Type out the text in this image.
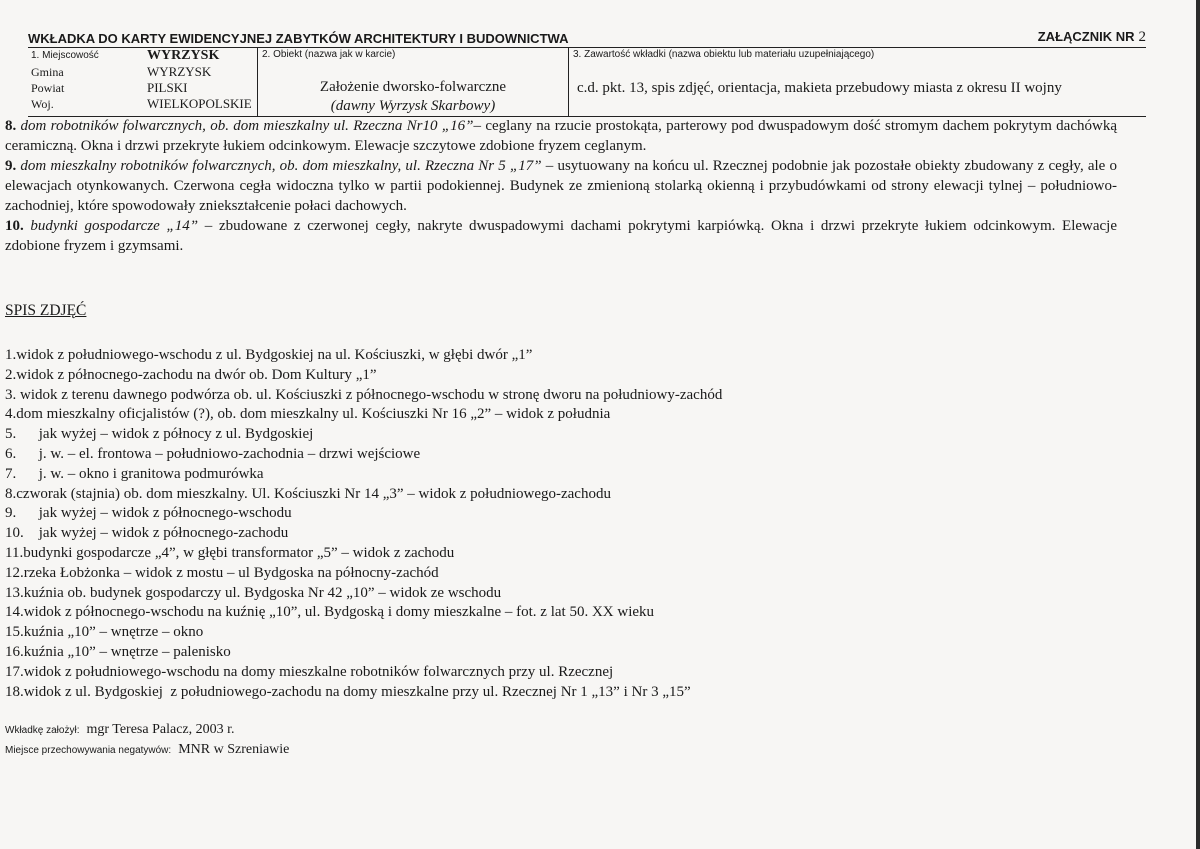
WKŁADKA DO KARTY EWIDENCYJNEJ ZABYTKÓW ARCHITEKTURY I BUDOWNICTWA	ZAŁĄCZNIK NR 2
1. Miejscowość	WYRZYSK
Gmina	WYRZYSK
Powiat	PILSKI
Woj.	WIELKOPOLSKIE

2. Obiekt (nazwa jak w karcie)
Założenie dworsko-folwarczne
(dawny Wyrzysk Skarbowy)

3. Zawartość wkładki (nazwa obiektu lub materiału uzupełniającego)
c.d. pkt. 13, spis zdjęć, orientacja, makieta przebudowy miasta z okresu II wojny

8. dom robotników folwarcznych, ob. dom mieszkalny ul. Rzeczna Nr10 „16”– ceglany na rzucie prostokąta, parterowy pod dwuspadowym dość stromym dachem pokrytym dachówką ceramiczną. Okna i drzwi przekryte łukiem odcinkowym. Elewacje szczytowe zdobione fryzem ceglanym.

9. dom mieszkalny robotników folwarcznych, ob. dom mieszkalny, ul. Rzeczna Nr 5 „17” – usytuowany na końcu ul. Rzecznej podobnie jak pozostałe obiekty zbudowany z cegły, ale o elewacjach otynkowanych. Czerwona cegła widoczna tylko w partii podokiennej. Budynek ze zmienioną stolarką okienną i przybudówkami od strony elewacji tylnej – południowo-zachodniej, które spowodowały zniekształcenie połaci dachowych.

10. budynki gospodarcze „14” – zbudowane z czerwonej cegły, nakryte dwuspadowymi dachami pokrytymi karpiówką. Okna i drzwi przekryte łukiem odcinkowym. Elewacje zdobione fryzem i gzymsami.

SPIS ZDJĘĆ
1.widok z południowego-wschodu z ul. Bydgoskiej na ul. Kościuszki, w głębi dwór „1”
2.widok z północnego-zachodu na dwór ob. Dom Kultury „1”
3. widok z terenu dawnego podwórza ob. ul. Kościuszki z północnego-wschodu w stronę dworu na południowy-zachód
4.dom mieszkalny oficjalistów (?), ob. dom mieszkalny ul. Kościuszki Nr 16 „2” – widok z południa
5.      jak wyżej – widok z północy z ul. Bydgoskiej
6.      j. w. – el. frontowa – południowo-zachodnia – drzwi wejściowe
7.      j. w. – okno i granitowa podmurówka
8.czworak (stajnia) ob. dom mieszkalny. Ul. Kościuszki Nr 14 „3” – widok z południowego-zachodu
9.      jak wyżej – widok z północnego-wschodu
10.    jak wyżej – widok z północnego-zachodu
11.budynki gospodarcze „4”, w głębi transformator „5” – widok z zachodu
12.rzeka Łobżonka – widok z mostu – ul Bydgoska na północny-zachód
13.kuźnia ob. budynek gospodarczy ul. Bydgoska Nr 42 „10” – widok ze wschodu
14.widok z północnego-wschodu na kuźnię „10”, ul. Bydgoską i domy mieszkalne – fot. z lat 50. XX wieku
15.kuźnia „10” – wnętrze – okno
16.kuźnia „10” – wnętrze – palenisko
17.widok z południowego-wschodu na domy mieszkalne robotników folwarcznych przy ul. Rzecznej
18.widok z ul. Bydgoskiej  z południowego-zachodu na domy mieszkalne przy ul. Rzecznej Nr 1 „13” i Nr 3 „15”
Wkładkę założył: mgr Teresa Palacz, 2003 r.
Miejsce przechowywania negatywów: MNR w Szreniawie
